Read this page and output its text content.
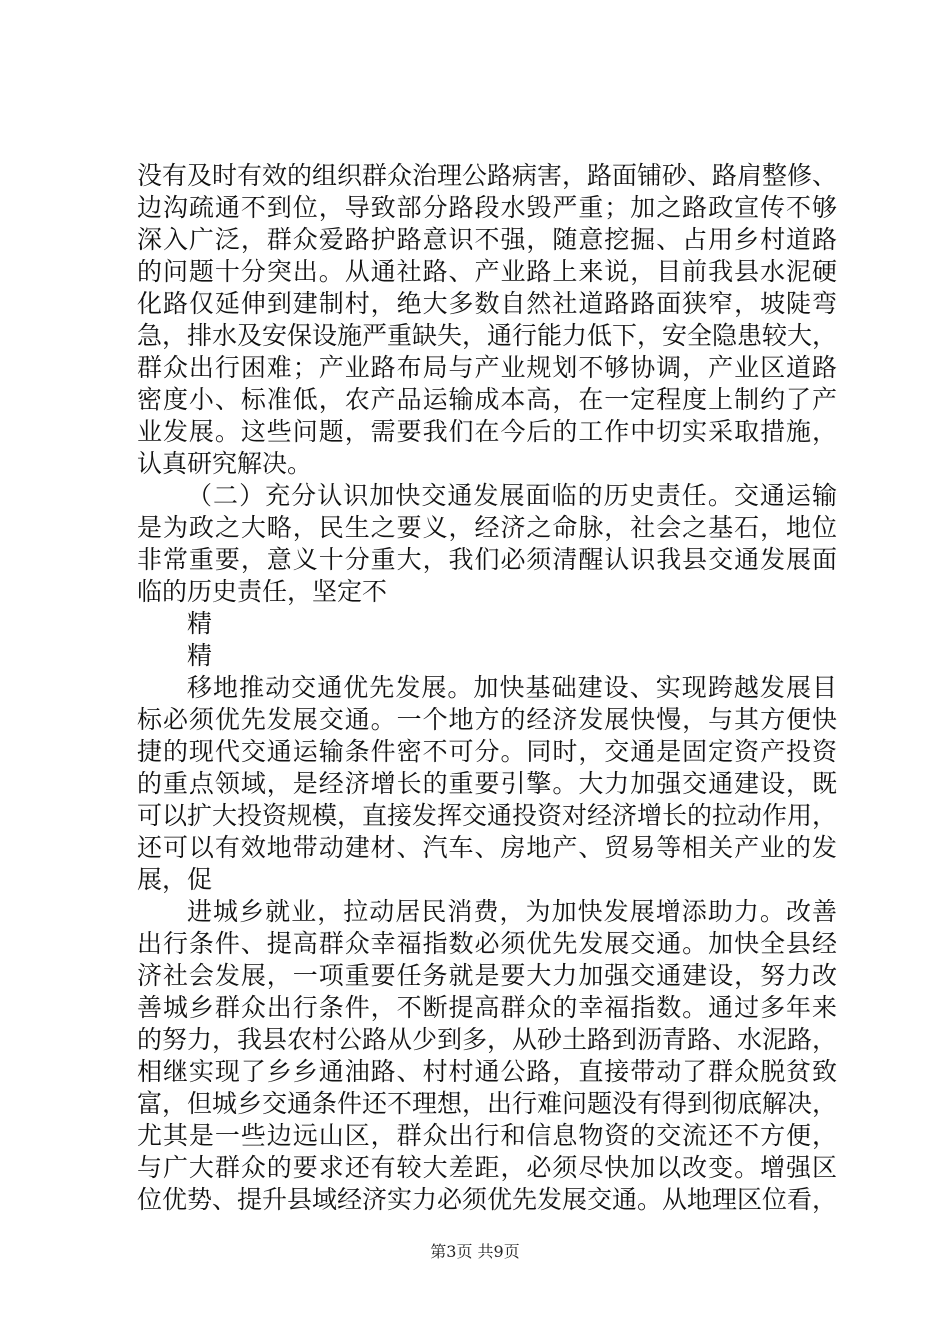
没有及时有效的组织群众治理公路病害，路面铺砂、路肩整修、
边沟疏通不到位，导致部分路段水毁严重；加之路政宣传不够
深入广泛，群众爱路护路意识不强，随意挖掘、占用乡村道路
的问题十分突出。从通社路、产业路上来说，目前我县水泥硬
化路仅延伸到建制村，绝大多数自然社道路路面狭窄，坡陡弯
急，排水及安保设施严重缺失，通行能力低下，安全隐患较大，
群众出行困难；产业路布局与产业规划不够协调，产业区道路
密度小、标准低，农产品运输成本高，在一定程度上制约了产
业发展。这些问题，需要我们在今后的工作中切实采取措施，
认真研究解决。
（二）充分认识加快交通发展面临的历史责任。交通运输
是为政之大略，民生之要义，经济之命脉，社会之基石，地位
非常重要，意义十分重大，我们必须清醒认识我县交通发展面
临的历史责任，坚定不
精
精
移地推动交通优先发展。加快基础建设、实现跨越发展目
标必须优先发展交通。一个地方的经济发展快慢，与其方便快
捷的现代交通运输条件密不可分。同时，交通是固定资产投资
的重点领域，是经济增长的重要引擎。大力加强交通建设，既
可以扩大投资规模，直接发挥交通投资对经济增长的拉动作用，
还可以有效地带动建材、汽车、房地产、贸易等相关产业的发
展，促
进城乡就业，拉动居民消费，为加快发展增添助力。改善
出行条件、提高群众幸福指数必须优先发展交通。加快全县经
济社会发展，一项重要任务就是要大力加强交通建设，努力改
善城乡群众出行条件，不断提高群众的幸福指数。通过多年来
的努力，我县农村公路从少到多，从砂土路到沥青路、水泥路，
相继实现了乡乡通油路、村村通公路，直接带动了群众脱贫致
富，但城乡交通条件还不理想，出行难问题没有得到彻底解决，
尤其是一些边远山区，群众出行和信息物资的交流还不方便，
与广大群众的要求还有较大差距，必须尽快加以改变。增强区
位优势、提升县域经济实力必须优先发展交通。从地理区位看，
第3页 共9页
